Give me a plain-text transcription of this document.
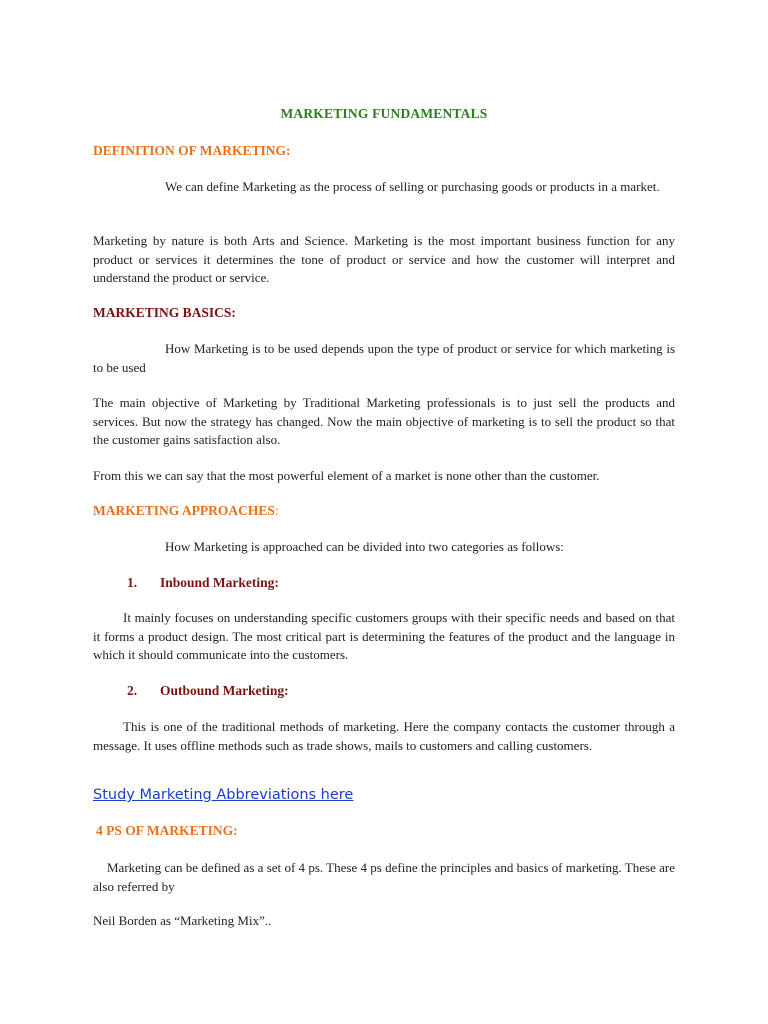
MARKETING FUNDAMENTALS
DEFINITION OF MARKETING:
We can define Marketing as the process of selling or purchasing goods or products in a market.
Marketing by nature is both Arts and Science. Marketing is the most important business function for any product or services it determines the tone of product or service and how the customer will interpret and understand the product or service.
MARKETING BASICS:
How Marketing is to be used depends upon the type of product or service for which marketing is to be used
The main objective of Marketing by Traditional Marketing professionals is to just sell the products and services. But now the strategy has changed. Now the main objective of marketing is to sell the product so that the customer gains satisfaction also.
From this we can say that the most powerful element of a market is none other than the customer.
MARKETING APPROACHES:
How Marketing is approached can be divided into two categories as follows:
1. Inbound Marketing:
It mainly focuses on understanding specific customers groups with their specific needs and based on that it forms a product design. The most critical part is determining the features of the product and the language in which it should communicate into the customers.
2. Outbound Marketing:
This is one of the traditional methods of marketing. Here the company contacts the customer through a message. It uses offline methods such as trade shows, mails to customers and calling customers.
Study Marketing Abbreviations here
4 PS OF MARKETING:
Marketing can be defined as a set of 4 ps. These 4 ps define the principles and basics of marketing. These are also referred by
Neil Borden as “Marketing Mix”..
